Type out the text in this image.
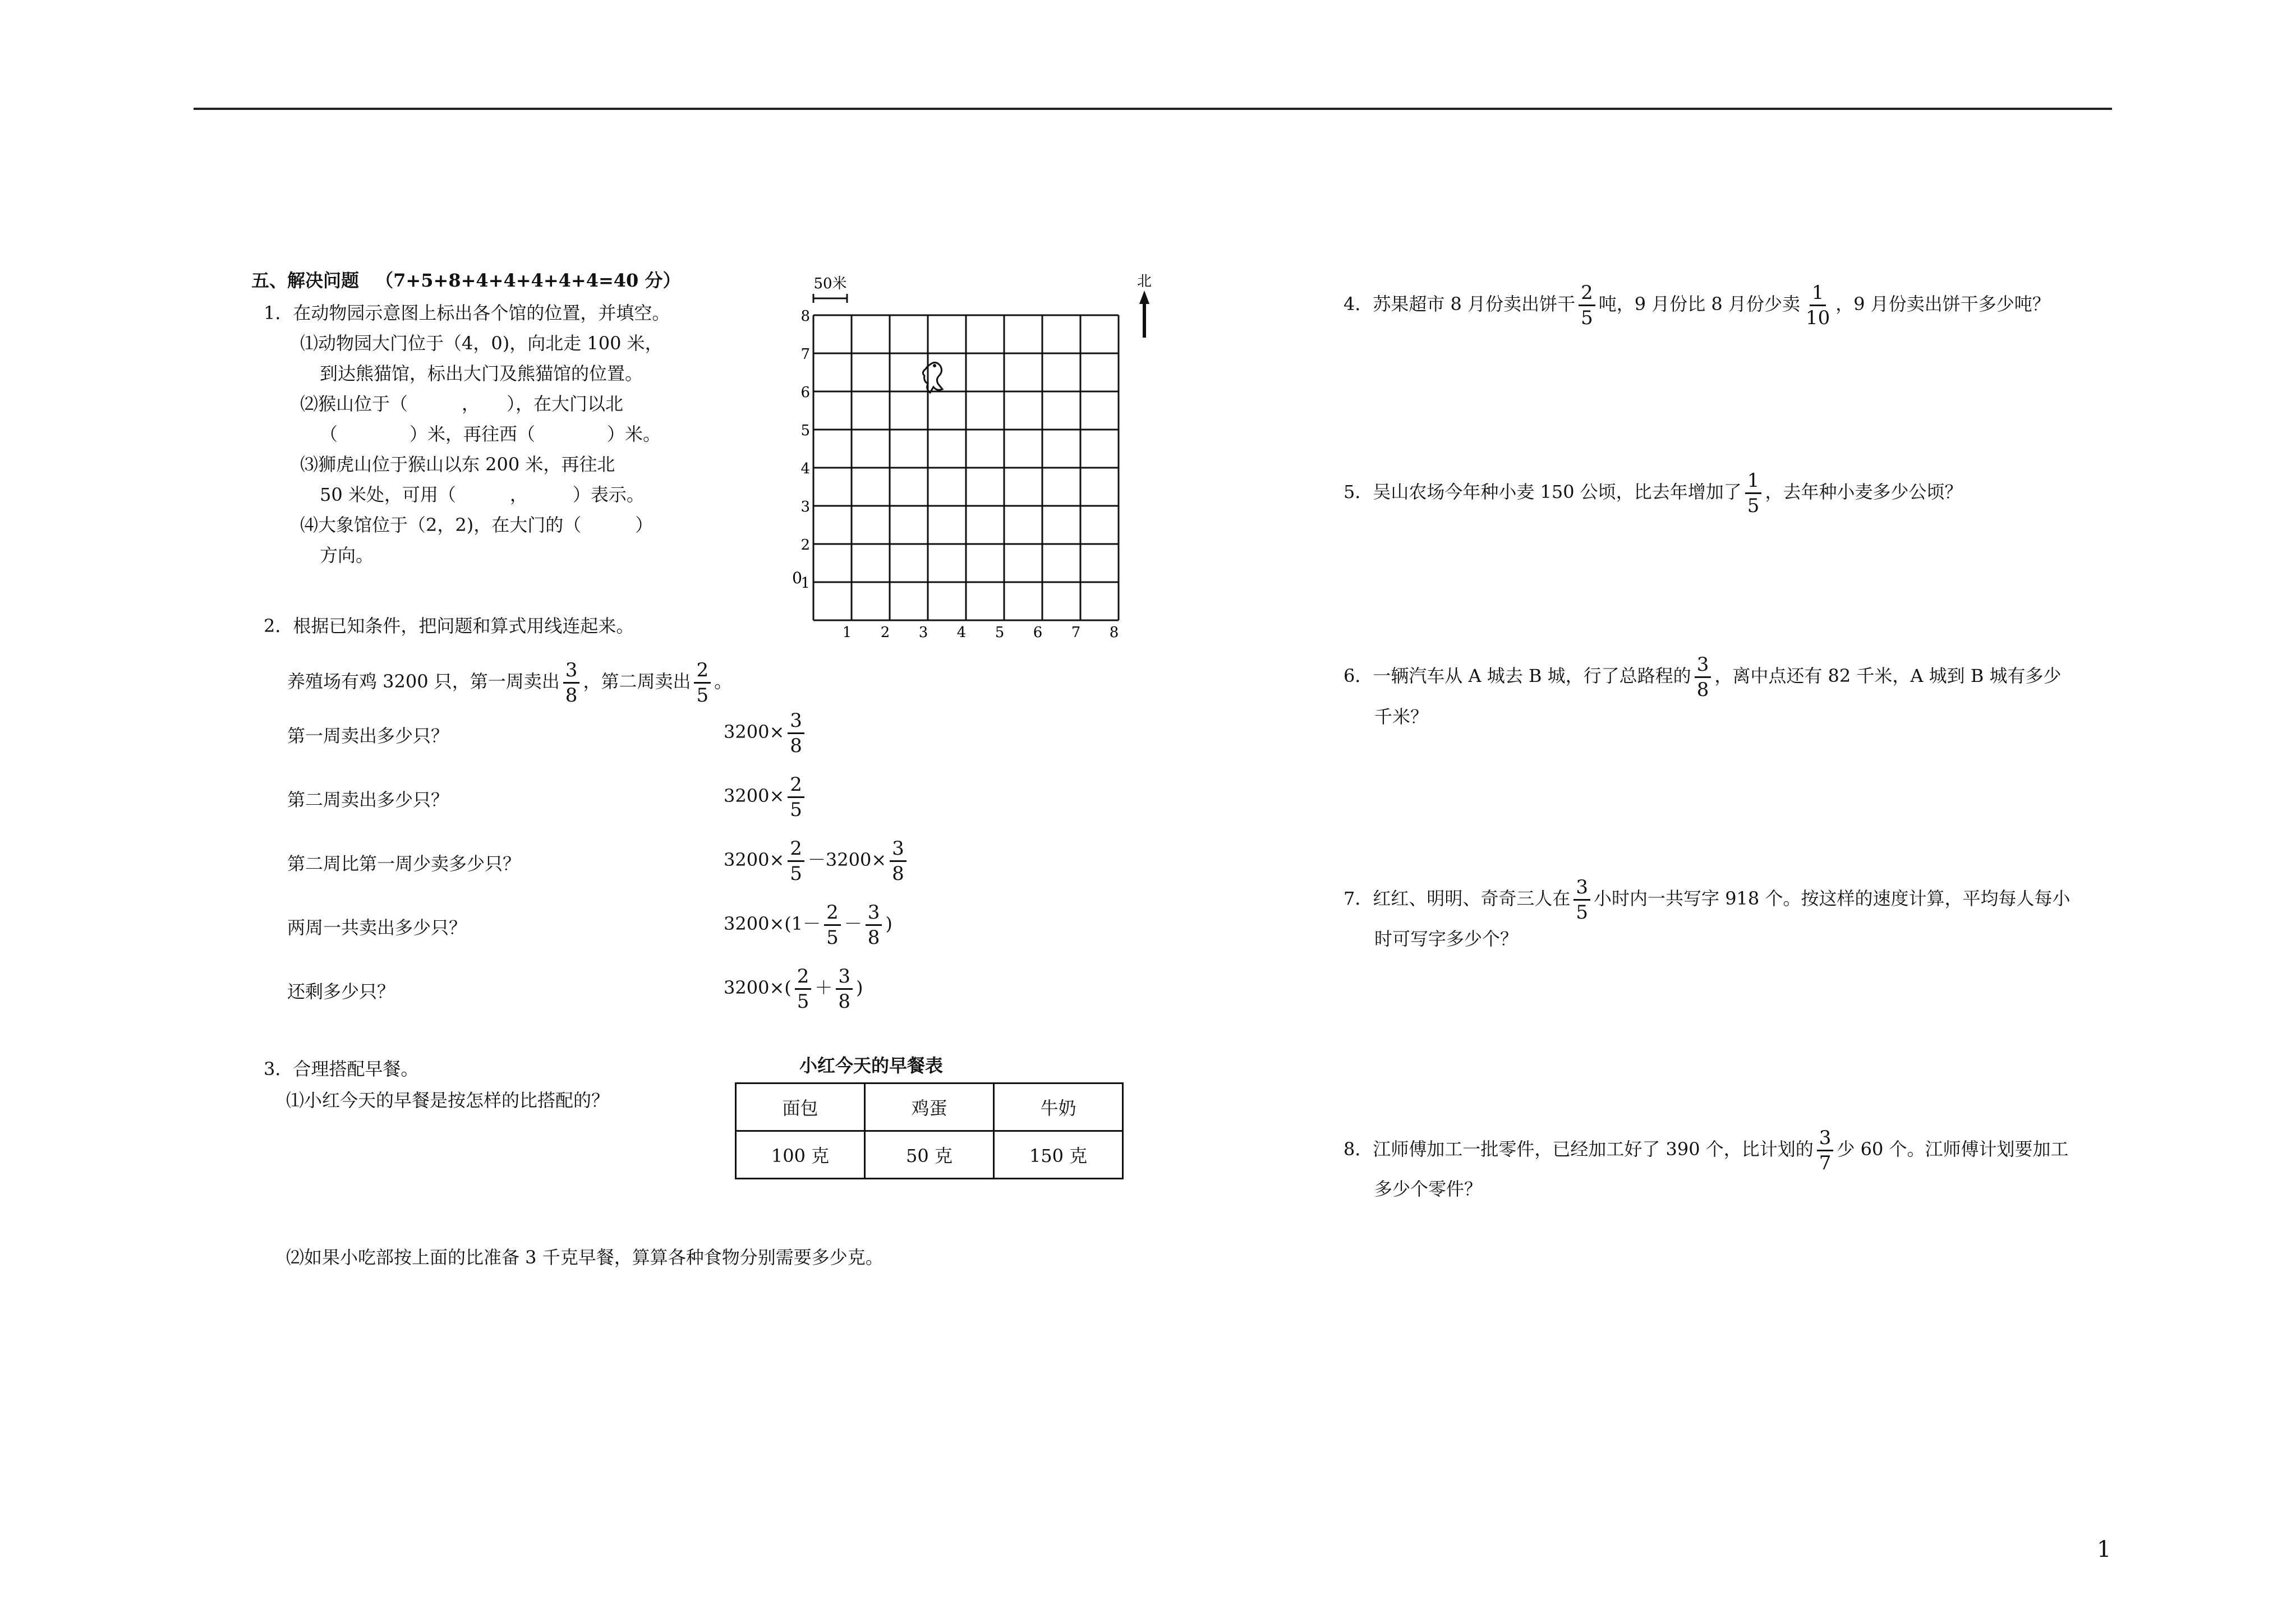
五、解决问题 （7+5+8+4+4+4+4+4=40 分）
1．在动物园示意图上标出各个馆的位置，并填空。
⑴动物园大门位于（4，0)，向北走 100 米，
到达熊猫馆，标出大门及熊猫馆的位置。
⑵猴山位于（　　　，　　），在大门以北
（　　　　）米，再往西（　　　　）米。
⑶狮虎山位于猴山以东 200 米，再往北
50 米处，可用（　　　，　　　）表示。
⑷大象馆位于（2，2)，在大门的（　　　）
方向。
50米
1
2
3
4
5
6
7
8
1 2 3 4 5 6 7 8
0
北
2．根据已知条件，把问题和算式用线连起来。
养殖场有鸡 3200 只，第一周卖出 $\frac{3}{8}$ ，第二周卖出 $\frac{2}{5}$ 。
第一周卖出多少只？
第二周卖出多少只？
第二周比第一周少卖多少只？
两周一共卖出多少只？
还剩多少只？
$3200\times \frac{3}{8}$
$3200\times \frac{2}{5}$
$3200\times \frac{2}{5} -3200\times \frac{3}{8}$
$3200\times(1- \frac{2}{5} - \frac{3}{8}$ )
$3200\times( \frac{2}{5} + \frac{3}{8}$ )
3．合理搭配早餐。
⑴小红今天的早餐是按怎样的比搭配的？
小红今天的早餐表
面包	鸡蛋	牛奶
100 克	50 克	150 克
⑵如果小吃部按上面的比准备 3 千克早餐，算算各种食物分别需要多少克。
4．苏果超市 8 月份卖出饼干 $\frac{2}{5}$ 吨，9 月份比 8 月份少卖 $\frac{1}{10}$ ，9 月份卖出饼干多少吨？
5．吴山农场今年种小麦 150 公顷，比去年增加了 $\frac{1}{5}$ ，去年种小麦多少公顷？
6．一辆汽车从 A 城去 B 城，行了总路程的 $\frac{3}{8}$ ，离中点还有 82 千米，A 城到 B 城有多少
千米？
7．红红、明明、奇奇三人在 $\frac{3}{5}$ 小时内一共写字 918 个。按这样的速度计算，平均每人每小
时可写字多少个？
8．江师傅加工一批零件，已经加工好了 390 个，比计划的 $\frac{3}{7}$ 少 60 个。江师傅计划要加工
多少个零件？
1
